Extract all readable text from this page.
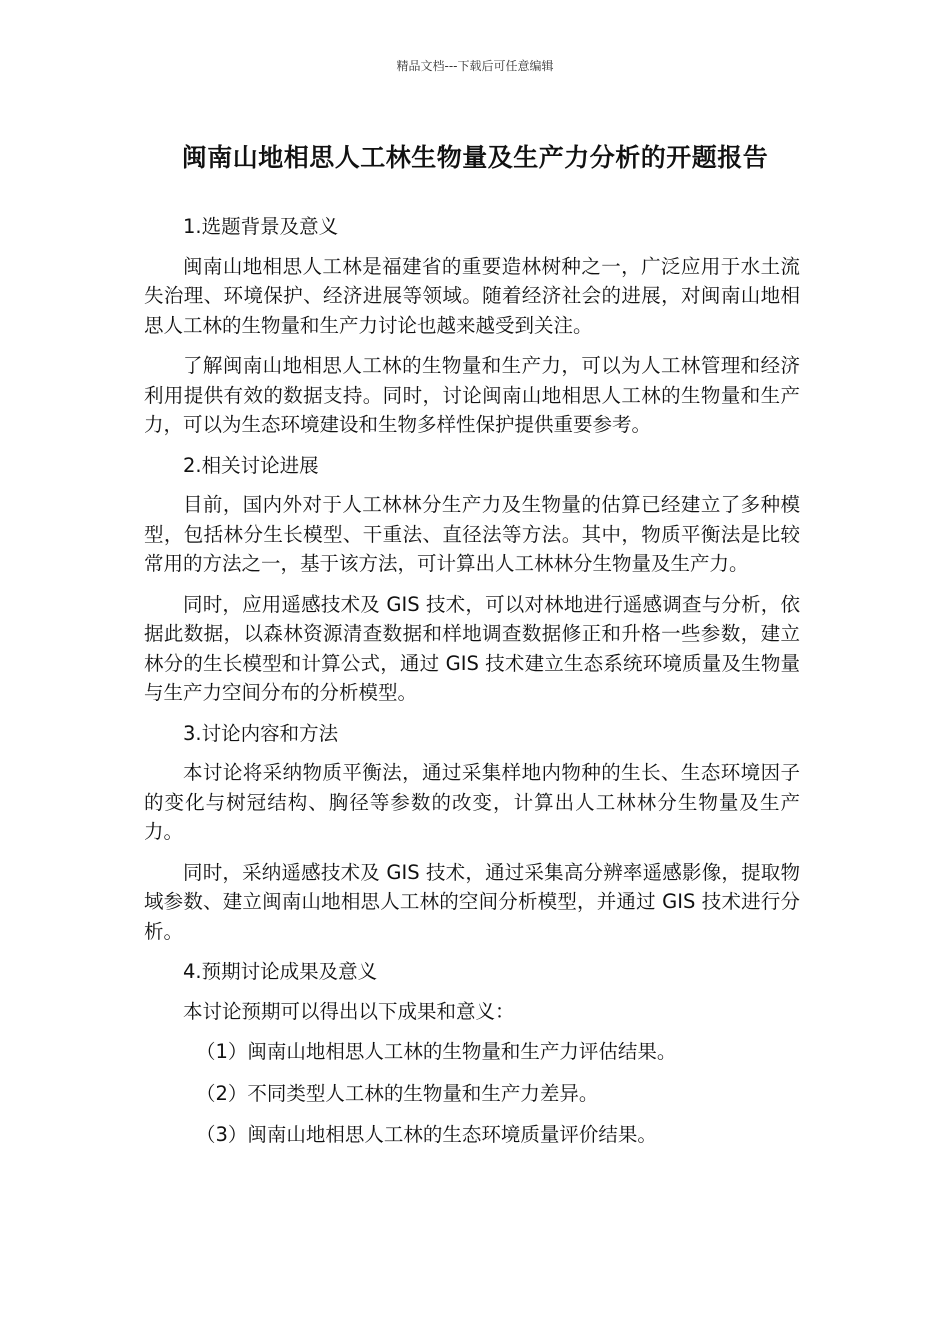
精品文档---下载后可任意编辑
闽南山地相思人工林生物量及生产力分析的开题报告

1.选题背景及意义

闽南山地相思人工林是福建省的重要造林树种之一，广泛应用于水土流失治理、环境保护、经济进展等领域。随着经济社会的进展，对闽南山地相思人工林的生物量和生产力讨论也越来越受到关注。

了解闽南山地相思人工林的生物量和生产力，可以为人工林管理和经济利用提供有效的数据支持。同时，讨论闽南山地相思人工林的生物量和生产力，可以为生态环境建设和生物多样性保护提供重要参考。

2.相关讨论进展

目前，国内外对于人工林林分生产力及生物量的估算已经建立了多种模型，包括林分生长模型、干重法、直径法等方法。其中，物质平衡法是比较常用的方法之一，基于该方法，可计算出人工林林分生物量及生产力。

同时，应用遥感技术及 GIS 技术，可以对林地进行遥感调查与分析，依据此数据，以森林资源清查数据和样地调查数据修正和升格一些参数，建立林分的生长模型和计算公式，通过 GIS 技术建立生态系统环境质量及生物量与生产力空间分布的分析模型。

3.讨论内容和方法

本讨论将采纳物质平衡法，通过采集样地内物种的生长、生态环境因子的变化与树冠结构、胸径等参数的改变，计算出人工林林分生物量及生产力。

同时，采纳遥感技术及 GIS 技术，通过采集高分辨率遥感影像，提取物域参数、建立闽南山地相思人工林的空间分析模型，并通过 GIS 技术进行分析。

4.预期讨论成果及意义

本讨论预期可以得出以下成果和意义：

（1）闽南山地相思人工林的生物量和生产力评估结果。

（2）不同类型人工林的生物量和生产力差异。

（3）闽南山地相思人工林的生态环境质量评价结果。
